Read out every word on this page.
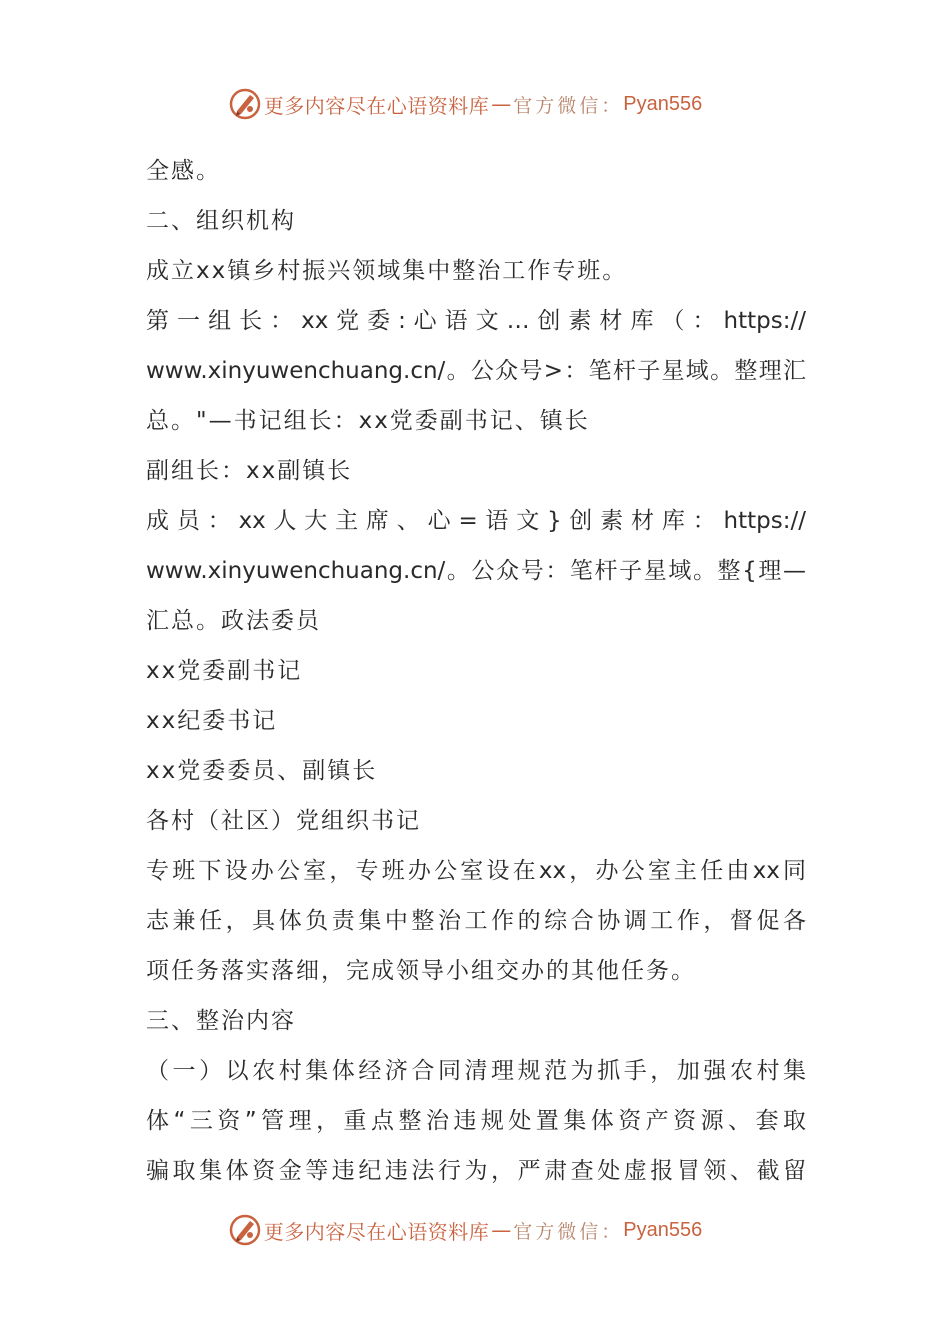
更多内容尽在心语资料库 — 官方微信： Pyan556
全感。
二、组织机构
成立xx镇乡村振兴领域集中整治工作专班。
第 一 组 长 ： xx 党 委 : 心 语 文 … 创 素 材 库 （ ： https://
www.xinyuwenchuang.cn/。公众号>：笔杆子星域。整理汇
总。"—书记组长：xx党委副书记、镇长
副组长：xx副镇长
成 员 ： xx 人 大 主 席 、 心 = 语 文 } 创 素 材 库 ： https://
www.xinyuwenchuang.cn/。公众号：笔杆子星域。整{理—
汇总。政法委员
xx党委副书记
xx纪委书记
xx党委委员、副镇长
各村（社区）党组织书记
专班下设办公室，专班办公室设在xx，办公室主任由xx同
志兼任，具体负责集中整治工作的综合协调工作，督促各
项任务落实落细，完成领导小组交办的其他任务。
三、整治内容
（一）以农村集体经济合同清理规范为抓手，加强农村集
体“三资”管理，重点整治违规处置集体资产资源、套取
骗取集体资金等违纪违法行为，严肃查处虚报冒领、截留
更多内容尽在心语资料库 — 官方微信： Pyan556
